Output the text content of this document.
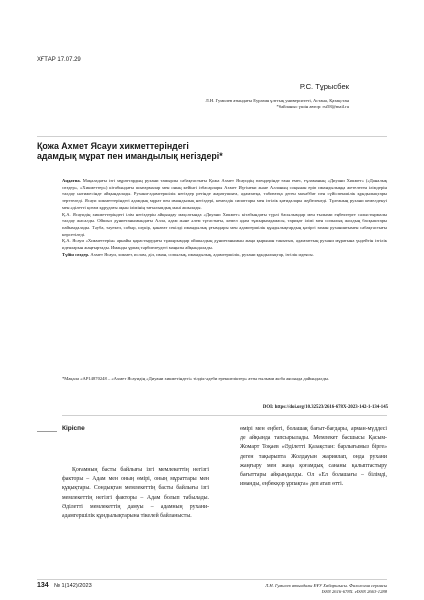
ХҒТАР 17.07.29
Р.С. Тұрысбек
Л.Н. Гумилев атындағы Еуразия ұлттық университеті, Астана, Қазақстан
*байланыс үшін автор: rst58@mail.ru
Қожа Ахмет Ясауи хикметтеріндегі
адамдық мұрат пен имандылық негіздері*

Аңдатпа. Мақаладағы ізгі мұраттардың рухани тамырлы сабақтастығы Қожа Ахмет Ясауидің өлеңдерінде ғана емес, ғұламаның «Диуани Хикмет» («Даналық сөздер», «Хикметтер») кітабындағы шығармалар мен оның кейінгі ізбасарлары Ахмет Иүгінеки және Алланың соңынан еріп имандылыққа жетелеген ілімдерін талдау нәтижесінде айқындалады. Рухани-адамгершілік негіздер ретінде жаратушыға, адамзатқа, табиғатқа деген махаббат пен сүйіспеншілік құндылықтары зерттеледі. Ясауи хикметтеріндегі адамдық мұрат пен имандылық негіздері, кемелдік сипаттары мен ізгілік қағидалары жүйеленеді. Тұлғаның рухани кемелденуі мен әділетті қоғам құрудағы ақын ілімінің тағылымдық мәні ашылады.

Қ.А. Ясауидің хикметтеріндегі ілім негіздерін айқындау мақсатында «Диуани Хикмет» кітабындағы түрлі басылымдар мен ғылыми еңбектерге салыстырмалы талдау жасалды. Ойшыл дүниетанымындағы Алла, адам және әлем тұтастығы, кемел адам тұжырымдамасы, тариқат ілімі мен сопылық жолдың басқыштары пайымдалады. Тәуба, тәуекел, сабыр, шүкір, қанағат секілді имандылық ұғымдары мен адамгершілік құндылықтардың қазіргі заман руханиятымен сабақтастығы көрсетіледі.

Қ.А. Ясауи «Хикметтерін» арнайы қарастырудағы тұжырымдар ойшылдың дүниетанымын жаңа қырынан танытып, адамзаттың рухани мұратына үндейтін ізгілік идеяларын жаңғыртады. Иманды ұрпақ тәрбиелеудегі маңызы айқындалады.

Түйін сөздер. Ахмет Ясауи, хикмет, ислам, діл, иман, сопылық, имандылық, адамгершілік, рухани құндылықтар, ізгілік идеясы.

*Мақала «AP14870248 – «Ахмет Ясауидің «Диуани хикметіндегі» тілдік-әдеби ерекшеліктер» атты ғылыми жоба аясында дайындалды.
DOI: https://doi.org/10.32523/2616-678X-2023-142-1-134-145
Кіріспе

Қоғамның басты байлығы ізгі мемлекеттің негізгі факторы – Адам мен оның өмірі, оның мұраттары мен құқықтары. Сондықтан мемлекеттің басты байлығы ізгі мемлекеттің негізгі факторы – Адам болып табылады. Әділетті мемлекеттің дамуы – адамның рухани-адамгершілік құндылықтарына тікелей байланысты.

өмірі мен еңбегі, болашақ бағыт-бағдары, арман-мүддесі де айқында тапсырылады. Мемлекет басшысы Қасым-Жомарт Тоқаев «Әділетті Қазақстан: барлығымыз бірге» деген тақырыпта Жолдауын жариялап, онда рухани жаңғыру мен жаңа қоғамдық сананы қалыптастыру бағыттары айқындалды. Ол «Ел болашағы – білімді, иманды, еңбекқор ұрпақта» деп атап өтті.

134 № 1(142)/2023	Л.Н. Гумилев атындағы ЕҰУ Хабаршысы. Филология сериясы
ISSN 2616-678X. eISSN 2663-1288
